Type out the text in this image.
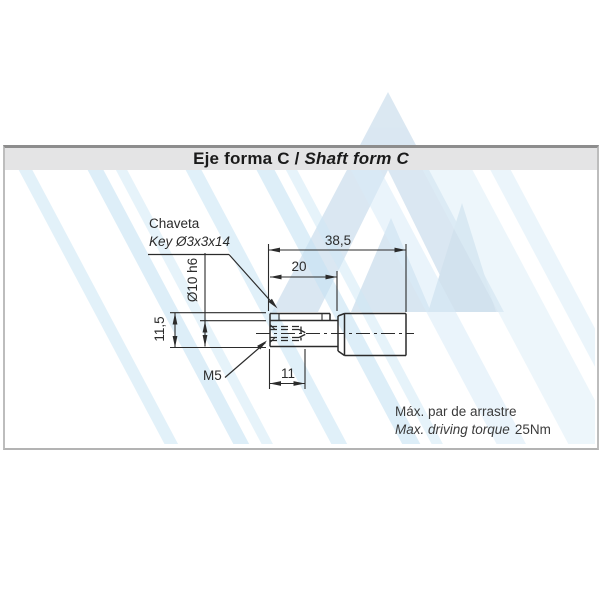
Eje forma C / Shaft form C
38,5
20
Ø10 h6
11,5
11
Chaveta
Key Ø3x3x14
M5
Máx. par de arrastre
Max. driving torque 25Nm
